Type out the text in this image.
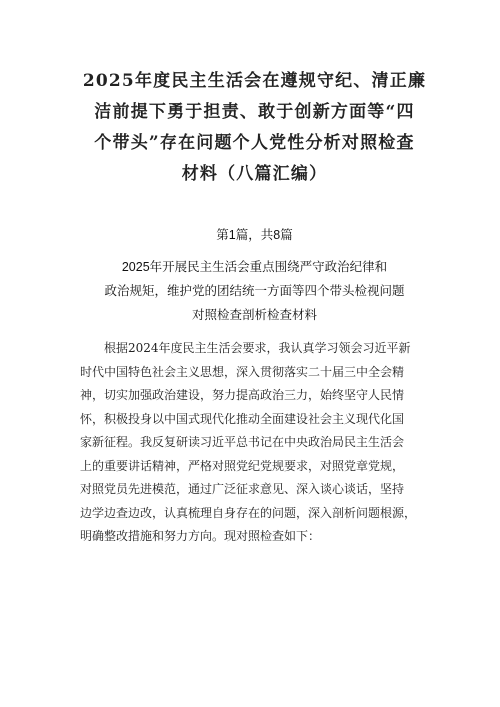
2025年度民主生活会在遵规守纪、清正廉
洁前提下勇于担责、敢于创新方面等“四
个带头”存在问题个人党性分析对照检查
材料（八篇汇编）
第1篇，共8篇
2025年开展民主生活会重点围绕严守政治纪律和
政治规矩，维护党的团结统一方面等四个带头检视问题
对照检查剖析检查材料
根据2024年度民主生活会要求，我认真学习领会习近平新
时代中国特色社会主义思想，深入贯彻落实二十届三中全会精
神，切实加强政治建设，努力提高政治三力，始终坚守人民情
怀，积极投身以中国式现代化推动全面建设社会主义现代化国
家新征程。我反复研读习近平总书记在中央政治局民主生活会
上的重要讲话精神，严格对照党纪党规要求，对照党章党规，
对照党员先进模范，通过广泛征求意见、深入谈心谈话，坚持
边学边查边改，认真梳理自身存在的问题，深入剖析问题根源，
明确整改措施和努力方向。现对照检查如下：
